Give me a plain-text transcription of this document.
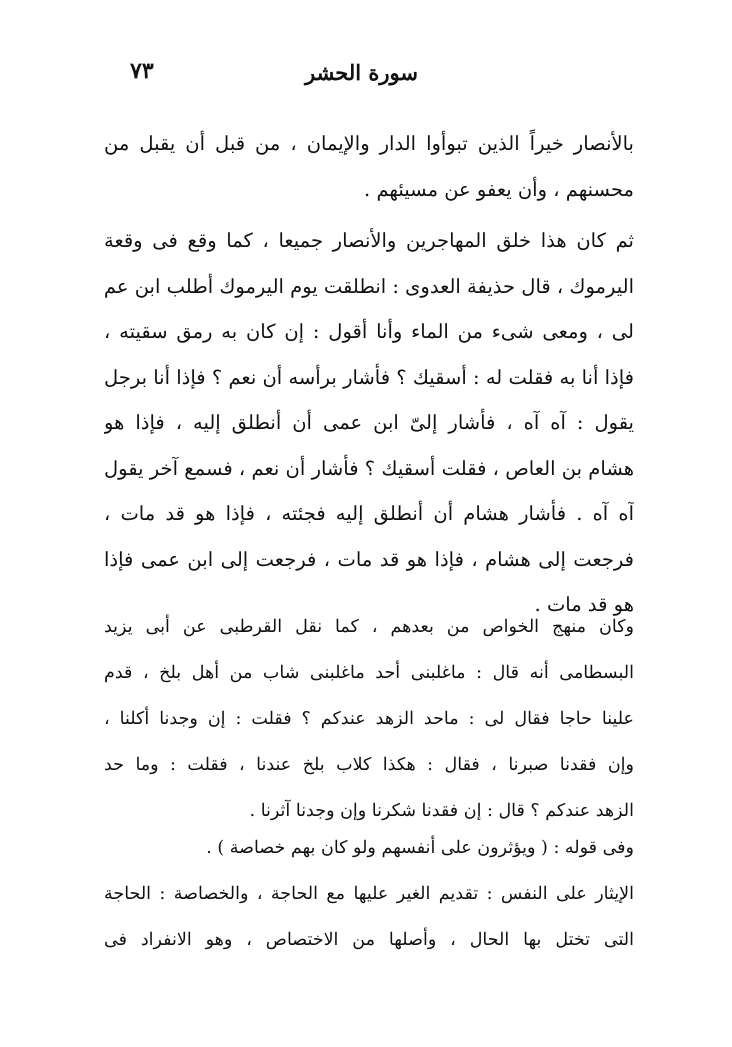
سورة الحشر
٧٣
بالأنصار خيراً الذين تبوأوا الدار والإيمان ، من قبل أن يقبل من
محسنهم ، وأن يعفو عن مسيئهم .
ثم كان هذا خلق المهاجرين والأنصار جميعا ، كما وقع فى وقعة
اليرموك ، قال حذيفة العدوى : انطلقت يوم اليرموك أطلب ابن عم
لى ، ومعى شىء من الماء وأنا أقول : إن كان به رمق سقيته ،
فإذا أنا به فقلت له : أسقيك ؟ فأشار برأسه أن نعم ؟ فإذا أنا برجل
يقول : آه آه ، فأشار إلىّ ابن عمى أن أنطلق إليه ، فإذا هو
هشام بن العاص ، فقلت أسقيك ؟ فأشار أن نعم ، فسمع آخر يقول
آه آه . فأشار هشام أن أنطلق إليه فجئته ، فإذا هو قد مات ،
فرجعت إلى هشام ، فإذا هو قد مات ، فرجعت إلى ابن عمى فإذا
هو قد مات .
وكان منهج الخواص من بعدهم ، كما نقل القرطبى عن أبى يزيد
البسطامى أنه قال : ماغلبنى أحد ماغلبنى شاب من أهل بلخ ، قدم
علينا حاجا فقال لى : ماحد الزهد عندكم ؟ فقلت : إن وجدنا أكلنا ،
وإن فقدنا صبرنا ، فقال : هكذا كلاب بلخ عندنا ، فقلت : وما حد
الزهد عندكم ؟ قال : إن فقدنا شكرنا وإن وجدنا آثرنا .
وفى قوله : ( ويؤثرون على أنفسهم ولو كان بهم خصاصة ) .
الإيثار على النفس : تقديم الغير عليها مع الحاجة ، والخصاصة : الحاجة
التى تختل بها الحال ، وأصلها من الاختصاص ، وهو الانفراد فى
